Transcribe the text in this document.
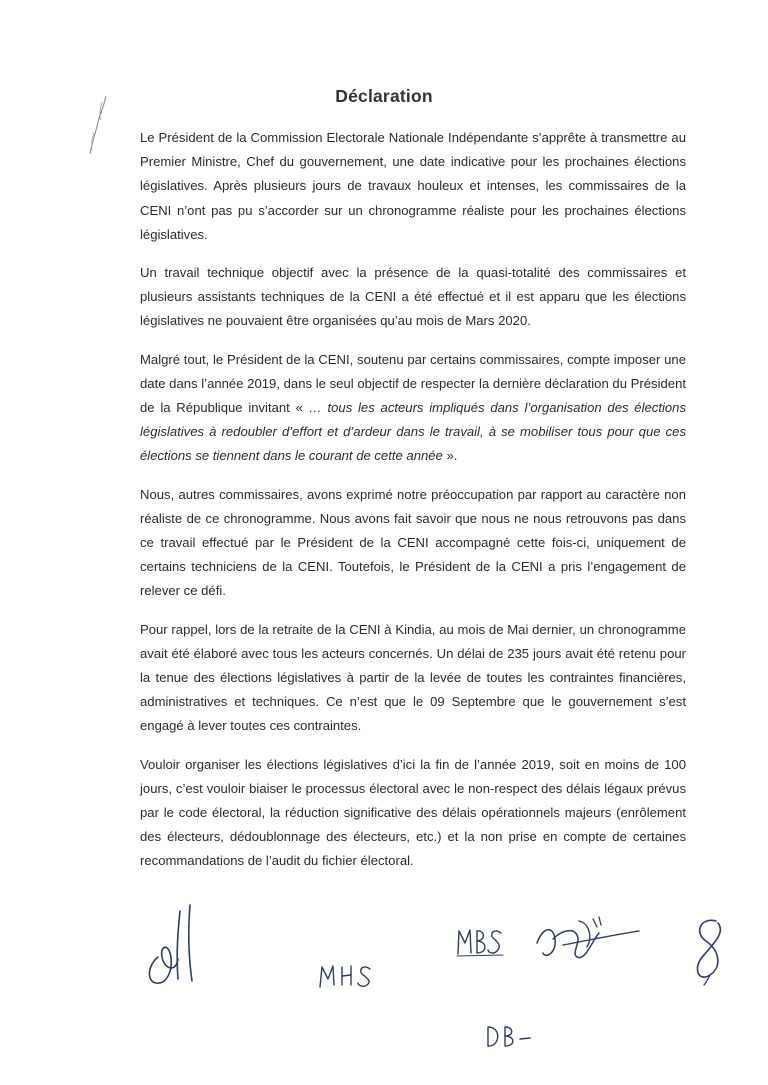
Déclaration

Le Président de la Commission Electorale Nationale Indépendante s’apprête à transmettre au Premier Ministre, Chef du gouvernement, une date indicative pour les prochaines élections législatives. Après plusieurs jours de travaux houleux et intenses, les commissaires de la CENI n’ont pas pu s’accorder sur un chronogramme réaliste pour les prochaines élections législatives.

Un travail technique objectif avec la présence de la quasi-totalité des commissaires et plusieurs assistants techniques de la CENI a été effectué et il est apparu que les élections législatives ne pouvaient être organisées qu’au mois de Mars 2020.

Malgré tout, le Président de la CENI, soutenu par certains commissaires, compte imposer une date dans l’année 2019, dans le seul objectif de respecter la dernière déclaration du Président de la République invitant « … tous les acteurs impliqués dans l’organisation des élections législatives à redoubler d’effort et d’ardeur dans le travail, à se mobiliser tous pour que ces élections se tiennent dans le courant de cette année ».

Nous, autres commissaires, avons exprimé notre préoccupation par rapport au caractère non réaliste de ce chronogramme. Nous avons fait savoir que nous ne nous retrouvons pas dans ce travail effectué par le Président de la CENI accompagné cette fois-ci, uniquement de certains techniciens de la CENI. Toutefois, le Président de la CENI a pris l’engagement de relever ce défi.

Pour rappel, lors de la retraite de la CENI à Kindia, au mois de Mai dernier, un chronogramme avait été élaboré avec tous les acteurs concernés. Un délai de 235 jours avait été retenu pour la tenue des élections législatives à partir de la levée de toutes les contraintes financières, administratives et techniques. Ce n’est que le 09 Septembre que le gouvernement s’est engagé à lever toutes ces contraintes.

Vouloir organiser les élections législatives d’ici la fin de l’année 2019, soit en moins de 100 jours, c’est vouloir biaiser le processus électoral avec le non-respect des délais légaux prévus par le code électoral, la réduction significative des délais opérationnels majeurs (enrôlement des électeurs, dédoublonnage des électeurs, etc.) et la non prise en compte de certaines recommandations de l’audit du fichier électoral.
